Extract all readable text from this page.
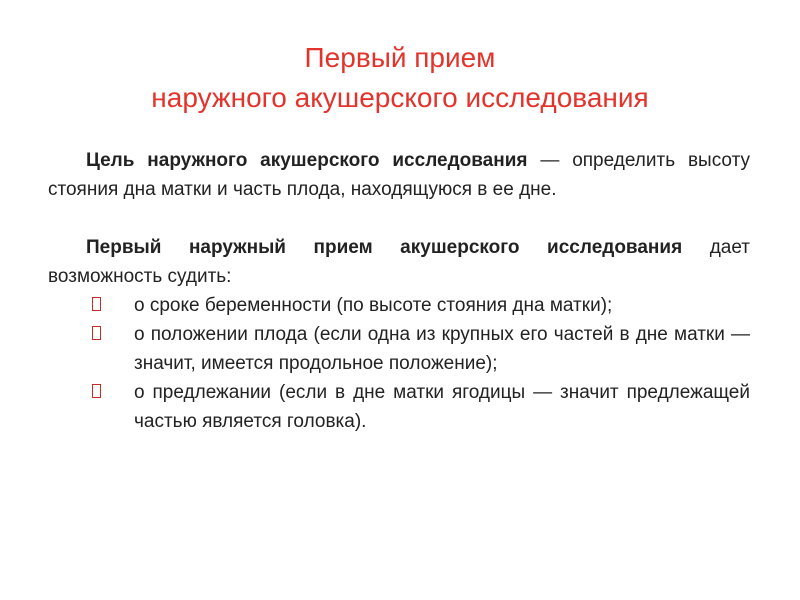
Первый прием
наружного акушерского исследования

Цель наружного акушерского исследования — определить высоту стояния дна матки и часть плода, находящуюся в ее дне.

Первый наружный прием акушерского исследования дает возможность судить:

о сроке беременности (по высоте стояния дна матки);
о положении плода (если одна из крупных его частей в дне матки — значит, имеется продольное положение);
о предлежании (если в дне матки ягодицы — значит предлежащей частью является головка).
